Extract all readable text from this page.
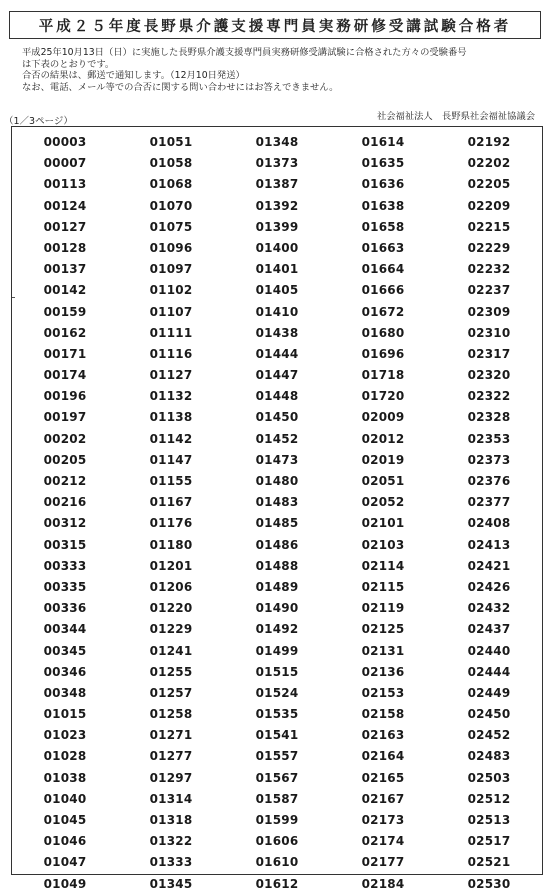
平成２５年度長野県介護支援専門員実務研修受講試験合格者
平成25年10月13日（日）に実施した長野県介護支援専門員実務研修受講試験に合格された方々の受験番号
は下表のとおりです。
合否の結果は、郵送で通知します。（12月10日発送）
なお、電話、メール等での合否に関する問い合わせにはお答えできません。
（1／3ページ）	社会福祉法人　長野県社会福祉協議会
00003
00007
00113
00124
00127
00128
00137
00142
00159
00162
00171
00174
00196
00197
00202
00205
00212
00216
00312
00315
00333
00335
00336
00344
00345
00346
00348
01015
01023
01028
01038
01040
01045
01046
01047
01049
01051
01058
01068
01070
01075
01096
01097
01102
01107
01111
01116
01127
01132
01138
01142
01147
01155
01167
01176
01180
01201
01206
01220
01229
01241
01255
01257
01258
01271
01277
01297
01314
01318
01322
01333
01345
01348
01373
01387
01392
01399
01400
01401
01405
01410
01438
01444
01447
01448
01450
01452
01473
01480
01483
01485
01486
01488
01489
01490
01492
01499
01515
01524
01535
01541
01557
01567
01587
01599
01606
01610
01612
01614
01635
01636
01638
01658
01663
01664
01666
01672
01680
01696
01718
01720
02009
02012
02019
02051
02052
02101
02103
02114
02115
02119
02125
02131
02136
02153
02158
02163
02164
02165
02167
02173
02174
02177
02184
02192
02202
02205
02209
02215
02229
02232
02237
02309
02310
02317
02320
02322
02328
02353
02373
02376
02377
02408
02413
02421
02426
02432
02437
02440
02444
02449
02450
02452
02483
02503
02512
02513
02517
02521
02530
